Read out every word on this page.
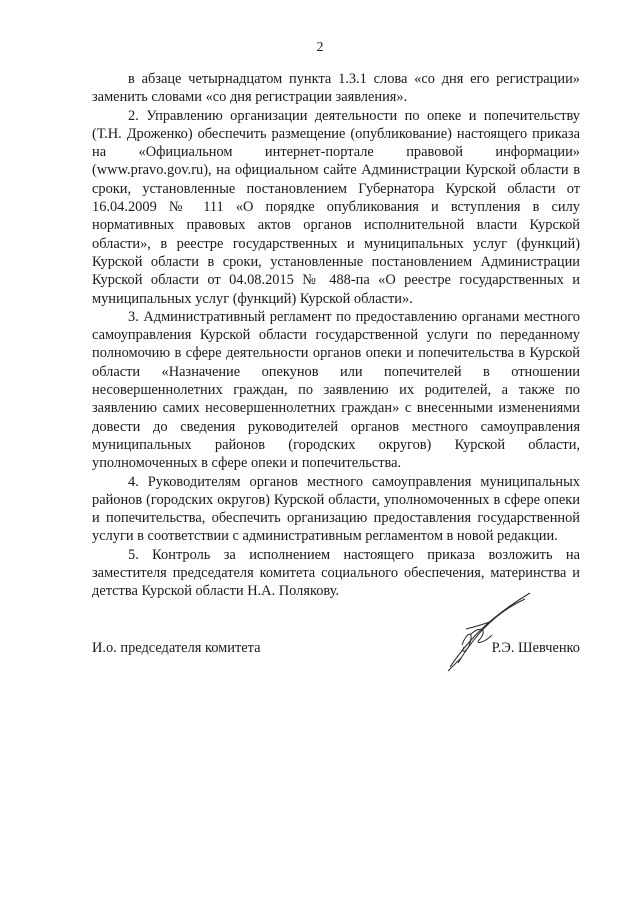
2

в абзаце четырнадцатом пункта 1.3.1 слова «со дня его регистрации» заменить словами «со дня регистрации заявления».

2. Управлению организации деятельности по опеке и попечительству (Т.Н. Дроженко) обеспечить размещение (опубликование) настоящего приказа на «Официальном интернет-портале правовой информации» (www.pravo.gov.ru), на официальном сайте Администрации Курской области в сроки, установленные постановлением Губернатора Курской области от 16.04.2009 № 111 «О порядке опубликования и вступления в силу нормативных правовых актов органов исполнительной власти Курской области», в реестре государственных и муниципальных услуг (функций) Курской области в сроки, установленные постановлением Администрации Курской области от 04.08.2015 № 488-па «О реестре государственных и муниципальных услуг (функций) Курской области».

3. Административный регламент по предоставлению органами местного самоуправления Курской области государственной услуги по переданному полномочию в сфере деятельности органов опеки и попечительства в Курской области «Назначение опекунов или попечителей в отношении несовершеннолетних граждан, по заявлению их родителей, а также по заявлению самих несовершеннолетних граждан» с внесенными изменениями довести до сведения руководителей органов местного самоуправления муниципальных районов (городских округов) Курской области, уполномоченных в сфере опеки и попечительства.

4. Руководителям органов местного самоуправления муниципальных районов (городских округов) Курской области, уполномоченных в сфере опеки и попечительства, обеспечить организацию предоставления государственной услуги в соответствии с административным регламентом в новой редакции.

5. Контроль за исполнением настоящего приказа возложить на заместителя председателя комитета социального обеспечения, материнства и детства Курской области Н.А. Полякову.

И.о. председателя комитета	Р.Э. Шевченко
